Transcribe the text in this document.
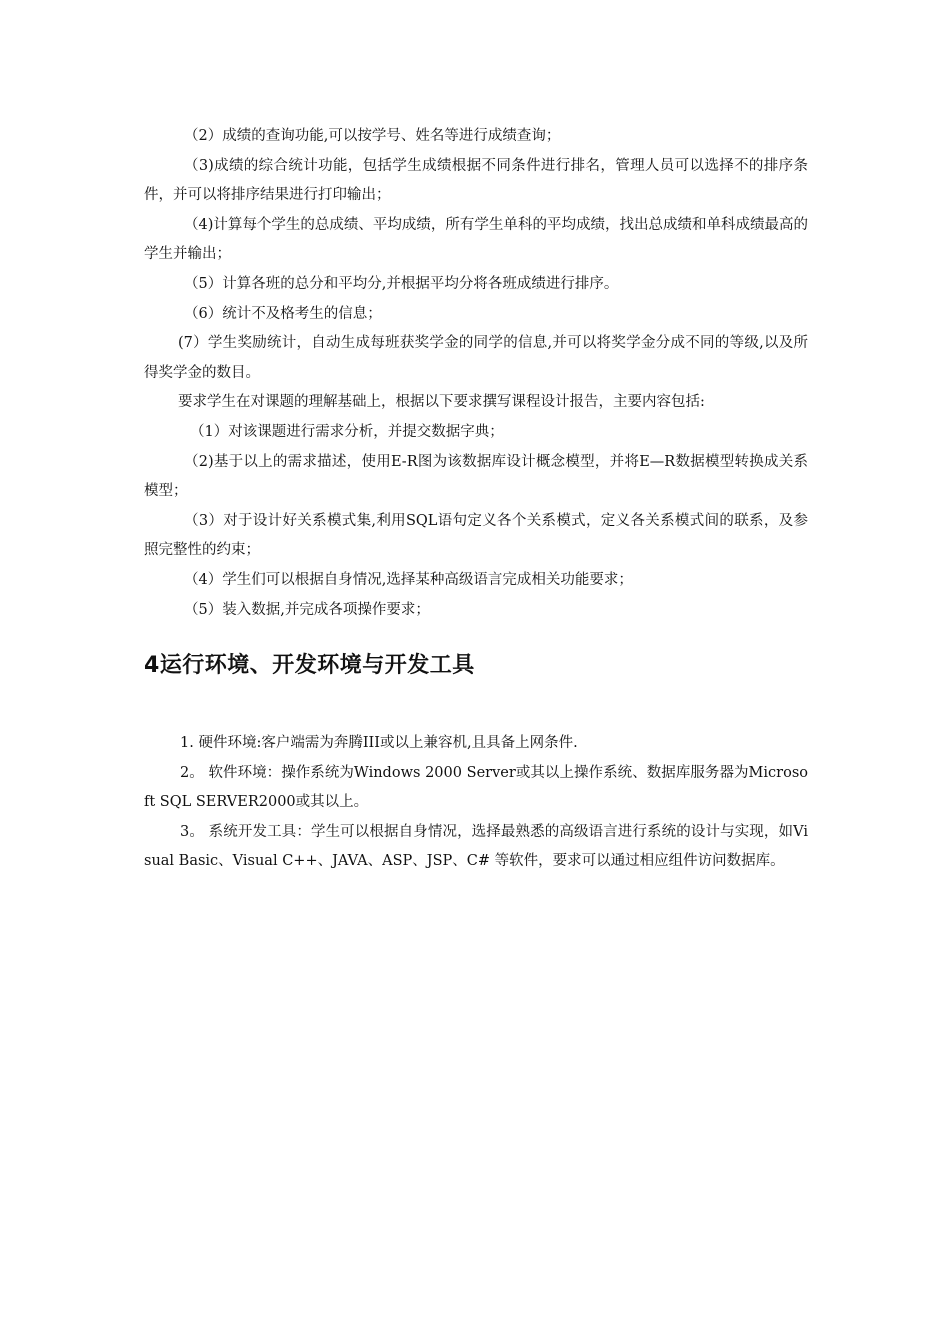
（2）成绩的查询功能,可以按学号、姓名等进行成绩查询；

（3)成绩的综合统计功能，包括学生成绩根据不同条件进行排名，管理人员可以选择不的排序条件，并可以将排序结果进行打印输出；

（4)计算每个学生的总成绩、平均成绩，所有学生单科的平均成绩，找出总成绩和单科成绩最高的学生并输出；

（5）计算各班的总分和平均分,并根据平均分将各班成绩进行排序。

（6）统计不及格考生的信息；

(7）学生奖励统计，自动生成每班获奖学金的同学的信息,并可以将奖学金分成不同的等级,以及所得奖学金的数目。

要求学生在对课题的理解基础上，根据以下要求撰写课程设计报告，主要内容包括:

（1）对该课题进行需求分析，并提交数据字典；

（2)基于以上的需求描述，使用E-R图为该数据库设计概念模型，并将E—R数据模型转换成关系模型；

（3）对于设计好关系模式集,利用SQL语句定义各个关系模式，定义各关系模式间的联系，及参照完整性的约束；

（4）学生们可以根据自身情况,选择某种高级语言完成相关功能要求；

（5）装入数据,并完成各项操作要求；

4运行环境、开发环境与开发工具

1. 硬件环境:客户端需为奔腾III或以上兼容机,且具备上网条件.

2。 软件环境：操作系统为Windows 2000 Server或其以上操作系统、数据库服务器为Microsoft SQL SERVER2000或其以上。

3。 系统开发工具：学生可以根据自身情况，选择最熟悉的高级语言进行系统的设计与实现，如Visual Basic、Visual C++、JAVA、ASP、JSP、C# 等软件，要求可以通过相应组件访问数据库。
